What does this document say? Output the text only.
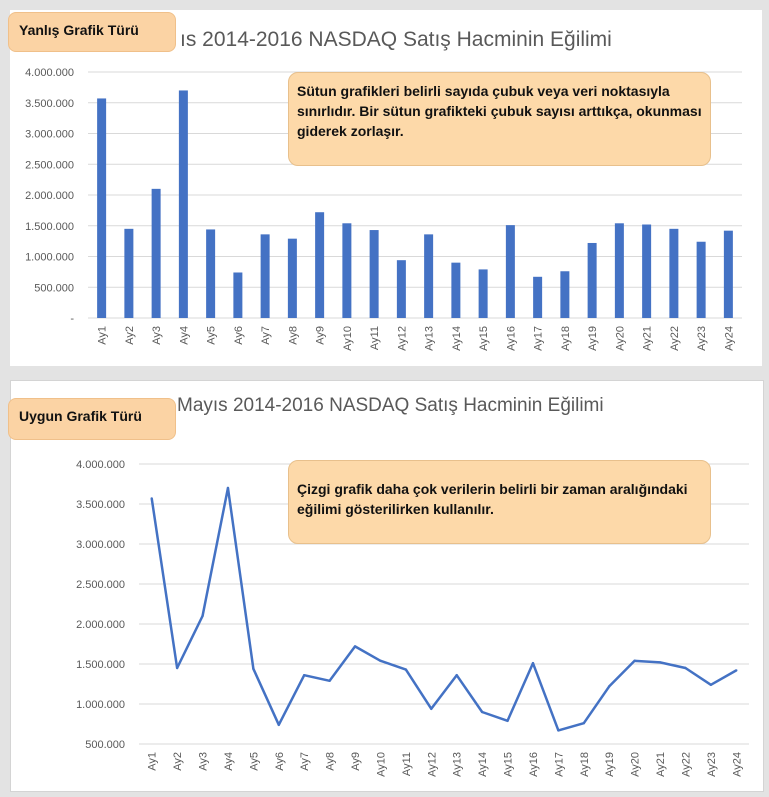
ıs 2014-2016 NASDAQ Satış Hacminin Eğilimi
-
500.000
1.000.000
1.500.000
2.000.000
2.500.000
3.000.000
3.500.000
4.000.000
Ay1 Ay2 Ay3 Ay4 Ay5 Ay6 Ay7 Ay8 Ay9 Ay10 Ay11 Ay12 Ay13 Ay14 Ay15 Ay16 Ay17 Ay18 Ay19 Ay20 Ay21 Ay22 Ay23 Ay24
Yanlış Grafik Türü
Sütun grafikleri belirli sayıda çubuk veya veri noktasıyla sınırlıdır. Bir sütun grafikteki çubuk sayısı arttıkça, okunması giderek zorlaşır.
Mayıs 2014-2016 NASDAQ Satış Hacminin Eğilimi
500.000
1.000.000
1.500.000
2.000.000
2.500.000
3.000.000
3.500.000
4.000.000
Ay1 Ay2 Ay3 Ay4 Ay5 Ay6 Ay7 Ay8 Ay9 Ay10 Ay11 Ay12 Ay13 Ay14 Ay15 Ay16 Ay17 Ay18 Ay19 Ay20 Ay21 Ay22 Ay23 Ay24
Uygun Grafik Türü
Çizgi grafik daha çok verilerin belirli bir zaman aralığındaki eğilimi gösterilirken kullanılır.
